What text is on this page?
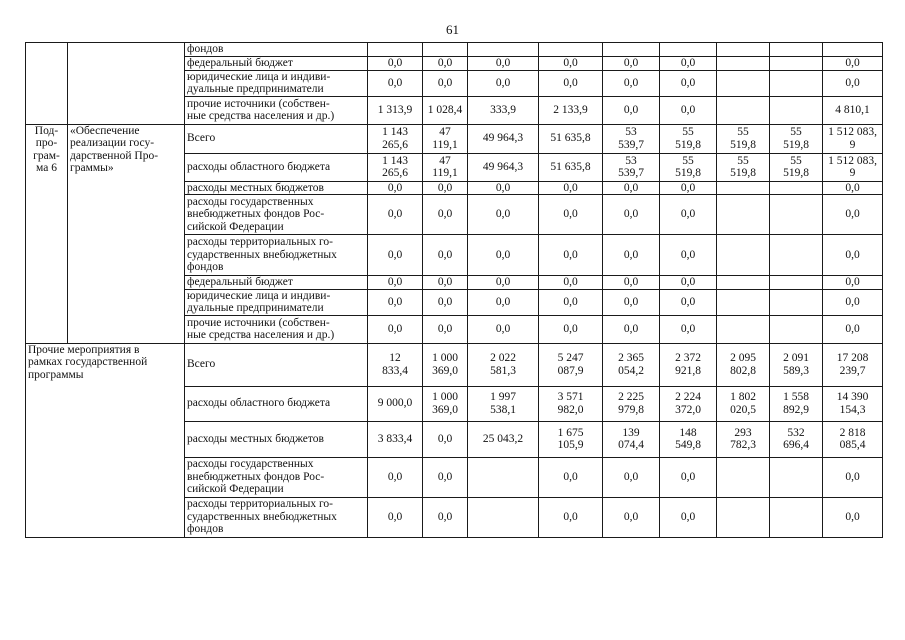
61
		фондов									
		федеральный бюджет	0,0	0,0	0,0	0,0	0,0	0,0			0,0
		юридические лица и индиви-
дуальные предприниматели	0,0	0,0	0,0	0,0	0,0	0,0			0,0
		прочие источники (собствен-
ные средства населения и др.)	1 313,9	1 028,4	333,9	2 133,9	0,0	0,0			4 810,1
Под-
про-
грам-
ма 6	«Обеспечение
реализации госу-
дарственной Про-
граммы»	Всего	1 143
265,6	47
119,1	49 964,3	51 635,8	53
539,7	55
519,8	55
519,8	55
519,8	1 512 083,
9
		расходы областного бюджета	1 143
265,6	47
119,1	49 964,3	51 635,8	53
539,7	55
519,8	55
519,8	55
519,8	1 512 083,
9
		расходы местных бюджетов	0,0	0,0	0,0	0,0	0,0	0,0			0,0
		расходы государственных
внебюджетных фондов Рос-
сийской Федерации	0,0	0,0	0,0	0,0	0,0	0,0			0,0
		расходы территориальных го-
сударственных внебюджетных
фондов	0,0	0,0	0,0	0,0	0,0	0,0			0,0
		федеральный бюджет	0,0	0,0	0,0	0,0	0,0	0,0			0,0
		юридические лица и индиви-
дуальные предприниматели	0,0	0,0	0,0	0,0	0,0	0,0			0,0
		прочие источники (собствен-
ные средства населения и др.)	0,0	0,0	0,0	0,0	0,0	0,0			0,0
Прочие мероприятия в
рамках государственной
программы		Всего	12
833,4	1 000
369,0	2 022
581,3	5 247
087,9	2 365
054,2	2 372
921,8	2 095
802,8	2 091
589,3	17 208
239,7
		расходы областного бюджета	9 000,0	1 000
369,0	1 997
538,1	3 571
982,0	2 225
979,8	2 224
372,0	1 802
020,5	1 558
892,9	14 390
154,3
		расходы местных бюджетов	3 833,4	0,0	25 043,2	1 675
105,9	139
074,4	148
549,8	293
782,3	532
696,4	2 818
085,4
		расходы государственных
внебюджетных фондов Рос-
сийской Федерации	0,0	0,0		0,0	0,0	0,0			0,0
		расходы территориальных го-
сударственных внебюджетных
фондов	0,0	0,0		0,0	0,0	0,0			0,0
